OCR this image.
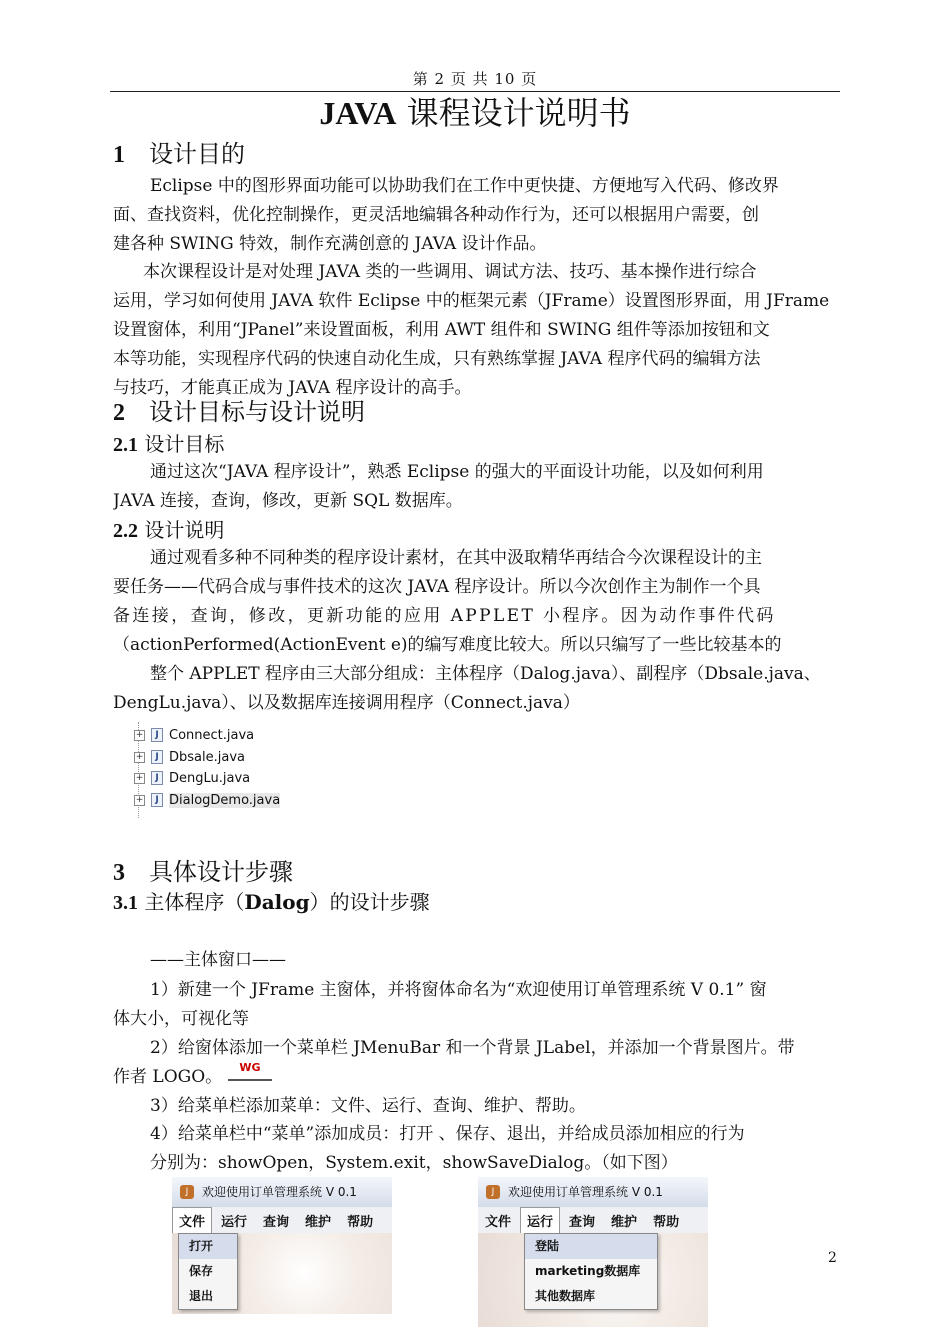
第 2 页 共 10 页
JAVA 课程设计说明书
1 设计目的
Eclipse 中的图形界面功能可以协助我们在工作中更快捷、方便地写入代码、修改界
面、查找资料，优化控制操作，更灵活地编辑各种动作行为，还可以根据用户需要，创
建各种 SWING 特效，制作充满创意的 JAVA 设计作品。
本次课程设计是对处理 JAVA 类的一些调用、调试方法、技巧、基本操作进行综合
运用，学习如何使用 JAVA 软件 Eclipse 中的框架元素（JFrame）设置图形界面，用 JFrame
设置窗体，利用“JPanel”来设置面板，利用 AWT 组件和 SWING 组件等添加按钮和文
本等功能，实现程序代码的快速自动化生成，只有熟练掌握 JAVA 程序代码的编辑方法
与技巧，才能真正成为 JAVA 程序设计的高手。
2 设计目标与设计说明
2.1 设计目标
通过这次“JAVA 程序设计”，熟悉 Eclipse 的强大的平面设计功能，以及如何利用
JAVA 连接，查询，修改，更新 SQL 数据库。
2.2 设计说明
通过观看多种不同种类的程序设计素材，在其中汲取精华再结合今次课程设计的主
要任务——代码合成与事件技术的这次 JAVA 程序设计。所以今次创作主为制作一个具
备连接，查询，修改，更新功能的应用 APPLET 小程序。因为动作事件代码
（actionPerformed(ActionEvent e)的编写难度比较大。所以只编写了一些比较基本的
整个 APPLET 程序由三大部分组成：主体程序（Dalog.java）、副程序（Dbsale.java、
DengLu.java）、以及数据库连接调用程序（Connect.java）
+	J Connect.java
+	J Dbsale.java
+	J DengLu.java
+	J DialogDemo.java
3 具体设计步骤
3.1 主体程序（Dalog）的设计步骤
——主体窗口——
1）新建一个 JFrame 主窗体，并将窗体命名为“欢迎使用订单管理系统 V 0.1” 窗
体大小，可视化等
2）给窗体添加一个菜单栏 JMenuBar 和一个背景 JLabel，并添加一个背景图片。带
作者 LOGO。	WG
3）给菜单栏添加菜单：文件、运行、查询、维护、帮助。
4）给菜单栏中“菜单”添加成员：打开 、保存、退出，并给成员添加相应的行为
分别为：showOpen，System.exit，showSaveDialog。（如下图）
J	欢迎使用订单管理系统 V 0.1
文件	运行	查询	维护	帮助
打开
保存
退出
J	欢迎使用订单管理系统 V 0.1
文件	运行	查询	维护	帮助
登陆
marketing数据库
其他数据库
2
